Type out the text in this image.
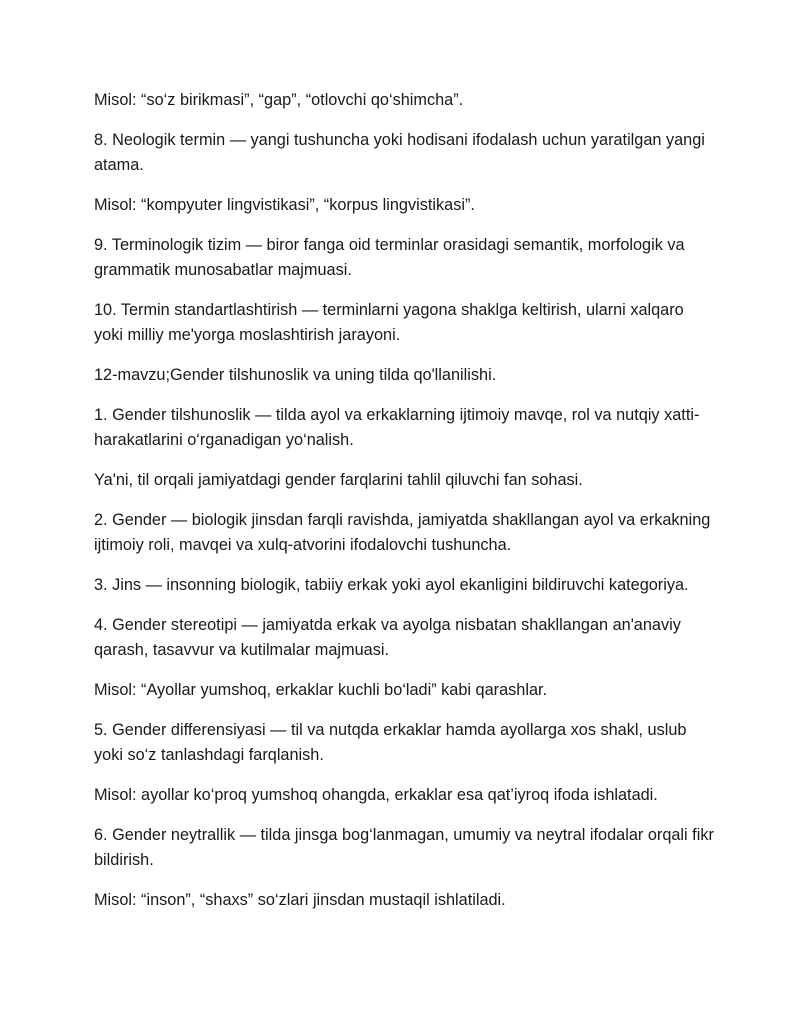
Misol: “so‘z birikmasi”, “gap”, “otlovchi qo‘shimcha”.

8. Neologik termin — yangi tushuncha yoki hodisani ifodalash uchun yaratilgan yangi atama.

Misol: “kompyuter lingvistikasi”, “korpus lingvistikasi”.

9. Terminologik tizim — biror fanga oid terminlar orasidagi semantik, morfologik va grammatik munosabatlar majmuasi.

10. Termin standartlashtirish — terminlarni yagona shaklga keltirish, ularni xalqaro yoki milliy me'yorga moslashtirish jarayoni.

12-mavzu;Gender tilshunoslik va uning tilda qo'llanilishi.

1. Gender tilshunoslik — tilda ayol va erkaklarning ijtimoiy mavqe, rol va nutqiy xatti-harakatlarini o‘rganadigan yo‘nalish.

Ya'ni, til orqali jamiyatdagi gender farqlarini tahlil qiluvchi fan sohasi.

2. Gender — biologik jinsdan farqli ravishda, jamiyatda shakllangan ayol va erkakning ijtimoiy roli, mavqei va xulq-atvorini ifodalovchi tushuncha.

3. Jins — insonning biologik, tabiiy erkak yoki ayol ekanligini bildiruvchi kategoriya.

4. Gender stereotipi — jamiyatda erkak va ayolga nisbatan shakllangan an'anaviy qarash, tasavvur va kutilmalar majmuasi.

Misol: “Ayollar yumshoq, erkaklar kuchli bo‘ladi” kabi qarashlar.

5. Gender differensiyasi — til va nutqda erkaklar hamda ayollarga xos shakl, uslub yoki so‘z tanlashdagi farqlanish.

Misol: ayollar ko‘proq yumshoq ohangda, erkaklar esa qat’iyroq ifoda ishlatadi.

6. Gender neytrallik — tilda jinsga bog‘lanmagan, umumiy va neytral ifodalar orqali fikr bildirish.

Misol: “inson”, “shaxs” so‘zlari jinsdan mustaqil ishlatiladi.
